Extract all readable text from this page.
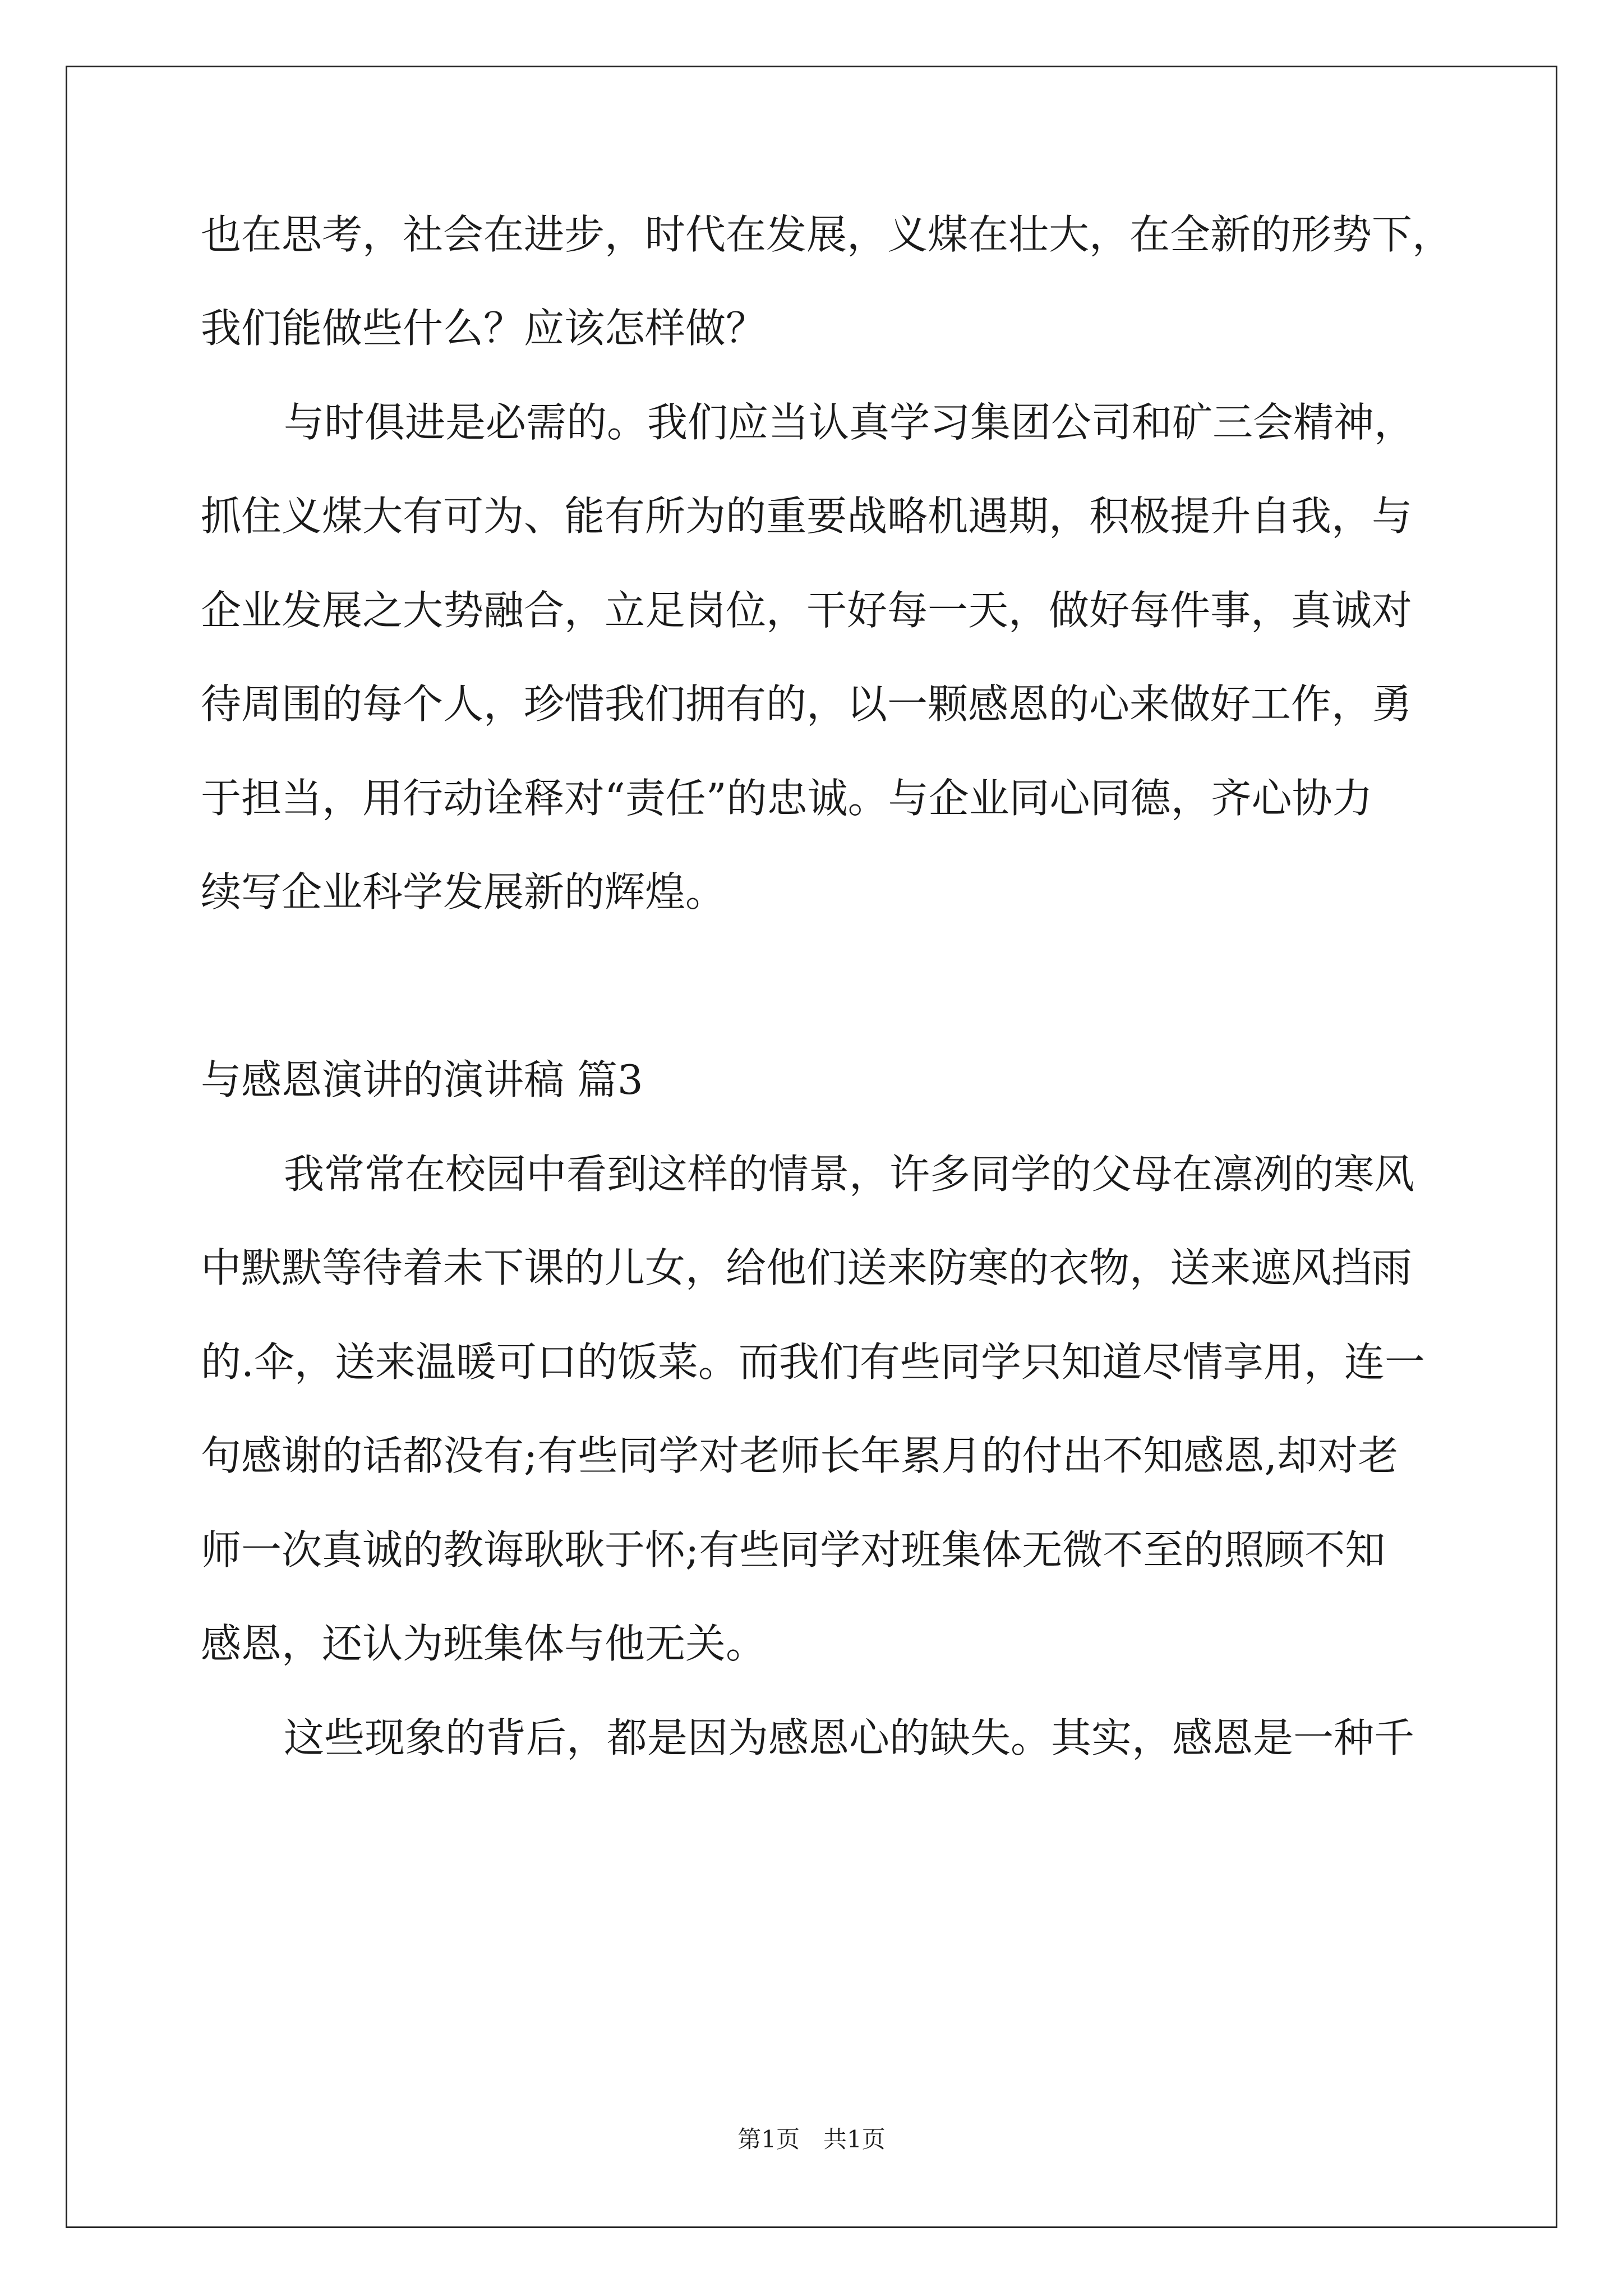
也在思考，社会在进步，时代在发展，义煤在壮大，在全新的形势下，
我们能做些什么？应该怎样做？
与时俱进是必需的。我们应当认真学习集团公司和矿三会精神，
抓住义煤大有可为、能有所为的重要战略机遇期，积极提升自我，与
企业发展之大势融合，立足岗位，干好每一天，做好每件事，真诚对
待周围的每个人，珍惜我们拥有的，以一颗感恩的心来做好工作，勇
于担当，用行动诠释对“责任”的忠诚。与企业同心同德，齐心协力
续写企业科学发展新的辉煌。
与感恩演讲的演讲稿 篇3
我常常在校园中看到这样的情景，许多同学的父母在凛冽的寒风
中默默等待着未下课的儿女，给他们送来防寒的衣物，送来遮风挡雨
的.伞，送来温暖可口的饭菜。而我们有些同学只知道尽情享用，连一
句感谢的话都没有;有些同学对老师长年累月的付出不知感恩,却对老
师一次真诚的教诲耿耿于怀;有些同学对班集体无微不至的照顾不知
感恩，还认为班集体与他无关。
这些现象的背后，都是因为感恩心的缺失。其实，感恩是一种千
第1页　共1页
